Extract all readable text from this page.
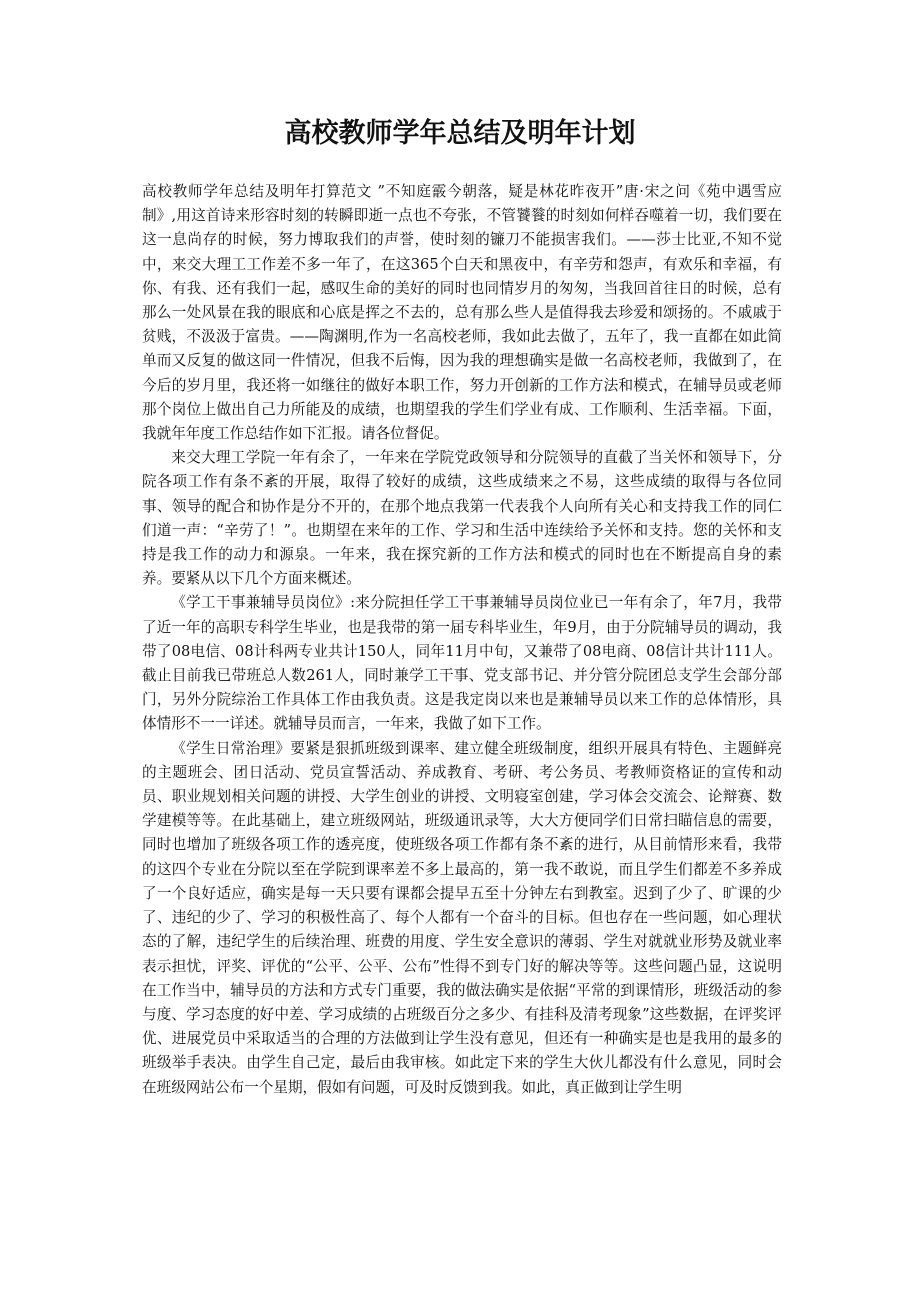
高校教师学年总结及明年计划

高校教师学年总结及明年打算范文 ”不知庭霰今朝落，疑是林花昨夜开”唐·宋之问《苑中遇雪应制》,用这首诗来形容时刻的转瞬即逝一点也不夸张，不管饕餮的时刻如何样吞噬着一切，我们要在这一息尚存的时候，努力博取我们的声誉，使时刻的镰刀不能损害我们。——莎士比亚,不知不觉中，来交大理工工作差不多一年了，在这365个白天和黑夜中，有辛劳和怨声，有欢乐和幸福，有你、有我、还有我们一起，感叹生命的美好的同时也同情岁月的匆匆，当我回首往日的时候，总有那么一处风景在我的眼底和心底是挥之不去的，总有那么些人是值得我去珍爱和颂扬的。不戚戚于贫贱，不汲汲于富贵。——陶渊明,作为一名高校老师，我如此去做了，五年了，我一直都在如此简单而又反复的做这同一件情况，但我不后悔，因为我的理想确实是做一名高校老师，我做到了，在今后的岁月里，我还将一如继往的做好本职工作，努力开创新的工作方法和模式，在辅导员或老师那个岗位上做出自己力所能及的成绩，也期望我的学生们学业有成、工作顺利、生活幸福。下面，我就年年度工作总结作如下汇报。请各位督促。

来交大理工学院一年有余了，一年来在学院党政领导和分院领导的直截了当关怀和领导下，分院各项工作有条不紊的开展，取得了较好的成绩，这些成绩来之不易，这些成绩的取得与各位同事、领导的配合和协作是分不开的，在那个地点我第一代表我个人向所有关心和支持我工作的同仁们道一声：“辛劳了！”。也期望在来年的工作、学习和生活中连续给予关怀和支持。您的关怀和支持是我工作的动力和源泉。一年来，我在探究新的工作方法和模式的同时也在不断提高自身的素养。要紧从以下几个方面来概述。

《学工干事兼辅导员岗位》:来分院担任学工干事兼辅导员岗位业已一年有余了，年7月，我带了近一年的高职专科学生毕业，也是我带的第一届专科毕业生，年9月，由于分院辅导员的调动，我带了08电信、08计科两专业共计150人，同年11月中旬，又兼带了08电商、08信计共计111人。截止目前我已带班总人数261人，同时兼学工干事、党支部书记、并分管分院团总支学生会部分部门，另外分院综治工作具体工作由我负责。这是我定岗以来也是兼辅导员以来工作的总体情形，具体情形不一一详述。就辅导员而言，一年来，我做了如下工作。

《学生日常治理》要紧是狠抓班级到课率、建立健全班级制度，组织开展具有特色、主题鲜亮的主题班会、团日活动、党员宣誓活动、养成教育、考研、考公务员、考教师资格证的宣传和动员、职业规划相关问题的讲授、大学生创业的讲授、文明寝室创建，学习体会交流会、论辩赛、数学建模等等。在此基础上，建立班级网站，班级通讯录等，大大方便同学们日常扫瞄信息的需要，同时也增加了班级各项工作的透亮度，使班级各项工作都有条不紊的进行，从目前情形来看，我带的这四个专业在分院以至在学院到课率差不多上最高的，第一我不敢说，而且学生们都差不多养成了一个良好适应，确实是每一天只要有课都会提早五至十分钟左右到教室。迟到了少了、旷课的少了、违纪的少了、学习的积极性高了、每个人都有一个奋斗的目标。但也存在一些问题，如心理状态的了解，违纪学生的后续治理、班费的用度、学生安全意识的薄弱、学生对就就业形势及就业率表示担忧，评奖、评优的“公平、公平、公布”性得不到专门好的解决等等。这些问题凸显，这说明在工作当中，辅导员的方法和方式专门重要，我的做法确实是依据“平常的到课情形，班级活动的参与度、学习态度的好中差、学习成绩的占班级百分之多少、有挂科及清考现象”这些数据，在评奖评优、进展党员中采取适当的合理的方法做到让学生没有意见，但还有一种确实是也是我用的最多的班级举手表决。由学生自己定，最后由我审核。如此定下来的学生大伙儿都没有什么意见，同时会在班级网站公布一个星期，假如有问题，可及时反馈到我。如此，真正做到让学生明
